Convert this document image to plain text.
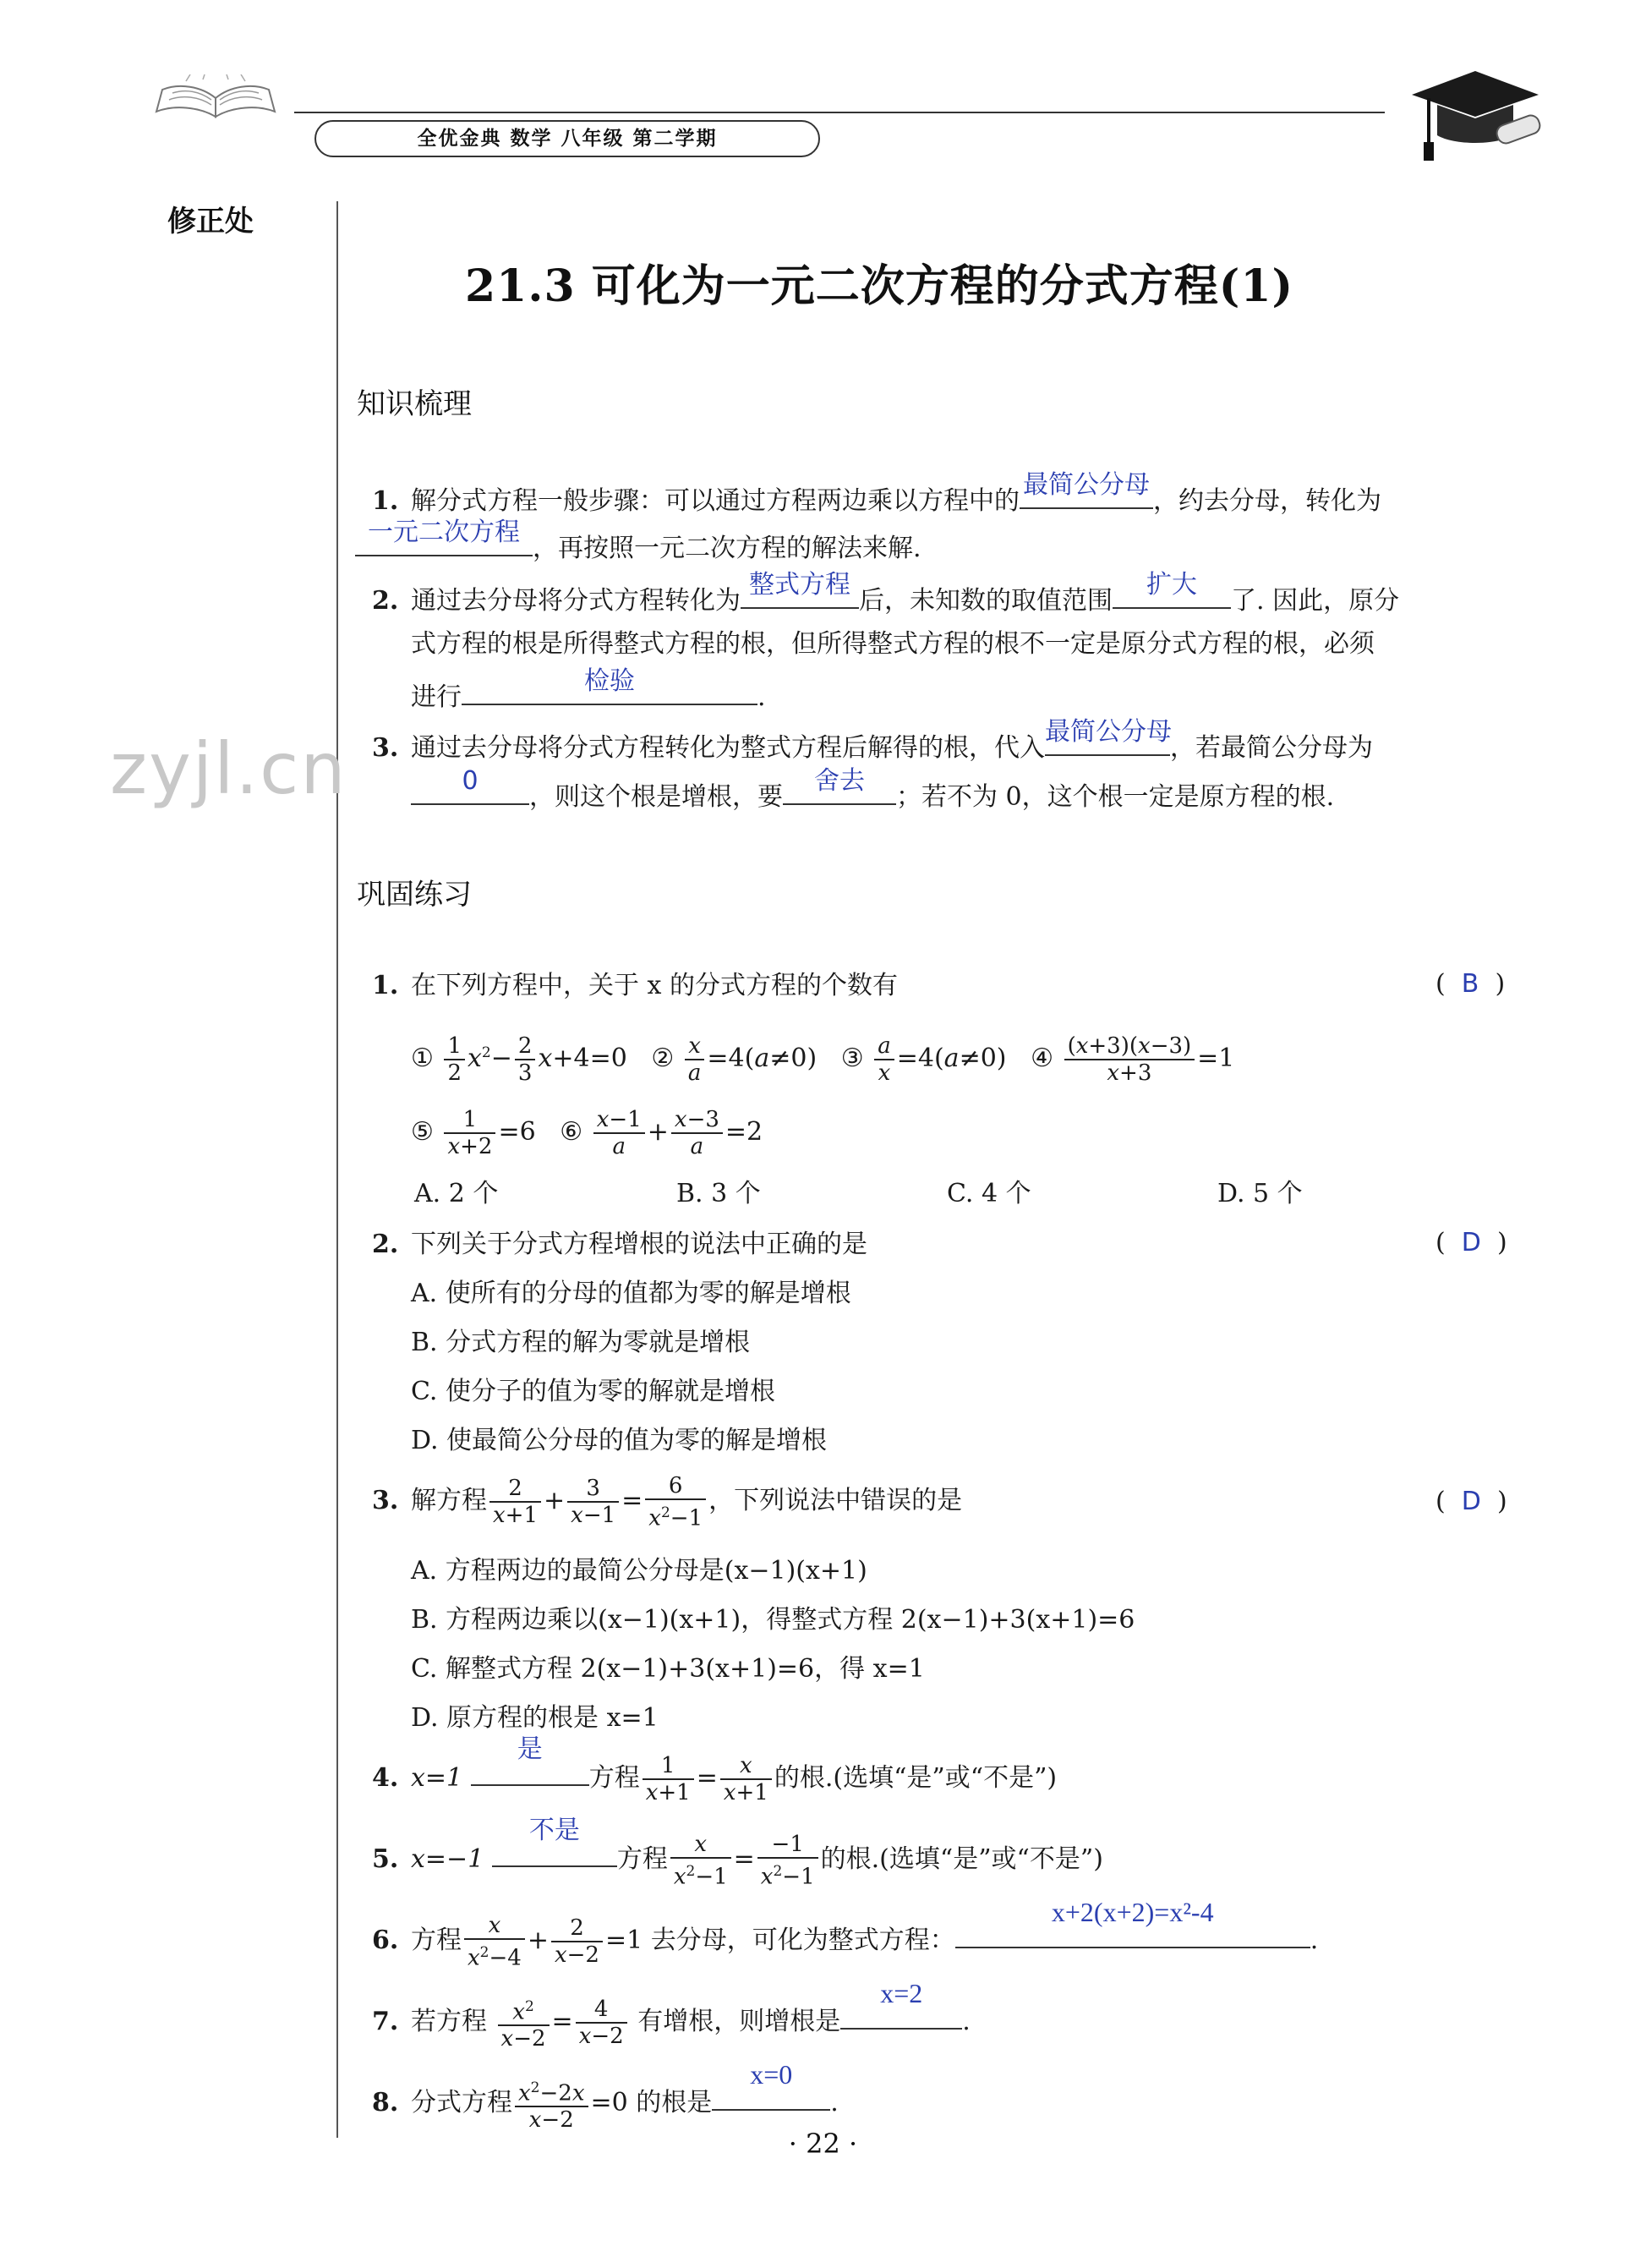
全优金典 数学 八年级 第二学期
修正处
zyjl.cn
21.3 可化为一元二次方程的分式方程(1)
知识梳理
1. 解分式方程一般步骤：可以通过方程两边乘以方程中的
最简公分母
，约去分母，转化为
一元二次方程
，再按照一元二次方程的解法来解.
2. 通过去分母将分式方程转化为
整式方程
后，未知数的取值范围
扩大
了. 因此，原分
式方程的根是所得整式方程的根，但所得整式方程的根不一定是原分式方程的根，必须
进行
检验
.
3. 通过去分母将分式方程转化为整式方程后解得的根，代入
最简公分母
，若最简公分母为
0
，则这个根是增根，要
舍去
；若不为 0，这个根一定是原方程的根.
巩固练习
1. 在下列方程中，关于 x 的分式方程的个数有	(  B  )
① $\frac{1}{2} x^2- \frac{2}{3} x+4=0$   ② $\frac{x}{a} =4(a\ne 0)$   ③ $\frac{a}{x} =4(a\ne 0)$   ④ $\frac{(x+3)(x-3)}{x+3} =1$
⑤ $\frac{1}{x+2} =6$   ⑥ $\frac{x-1}{a} + \frac{x-3}{a} =2$
A. 2 个	B. 3 个	C. 4 个	D. 5 个
2. 下列关于分式方程增根的说法中正确的是	(  D  )
A. 使所有的分母的值都为零的解是增根
B. 分式方程的解为零就是增根
C. 使分子的值为零的解就是增根
D. 使最简公分母的值为零的解是增根
3. 解方程 $\frac{2}{x+1} + \frac{3}{x-1} = \frac{6}{x^2-1}$ ，下列说法中错误的是	(  D  )
A. 方程两边的最简公分母是(x−1)(x+1)
B. 方程两边乘以(x−1)(x+1)，得整式方程 2(x−1)+3(x+1)=6
C. 解整式方程 2(x−1)+3(x+1)=6，得 x=1
D. 原方程的根是 x=1
4. x=1
是
方程 $\frac{1}{x+1} = \frac{x}{x+1}$ 的根.(选填“是”或“不是”)
5. x=−1
不是
方程 $\frac{x}{x^2-1} = \frac{-1}{x^2-1}$ 的根.(选填“是”或“不是”)
6. 方程 $\frac{x}{x^2-4} + \frac{2}{x-2} =1$ 去分母，可化为整式方程：
x+2(x+2)=x²-4
.
7. 若方程 $\frac{x^2}{x-2} = \frac{4}{x-2}$ 有增根，则增根是
x=2
.
8. 分式方程 $\frac{x^2-2x}{x-2} =0$ 的根是
x=0
.
· 22 ·
